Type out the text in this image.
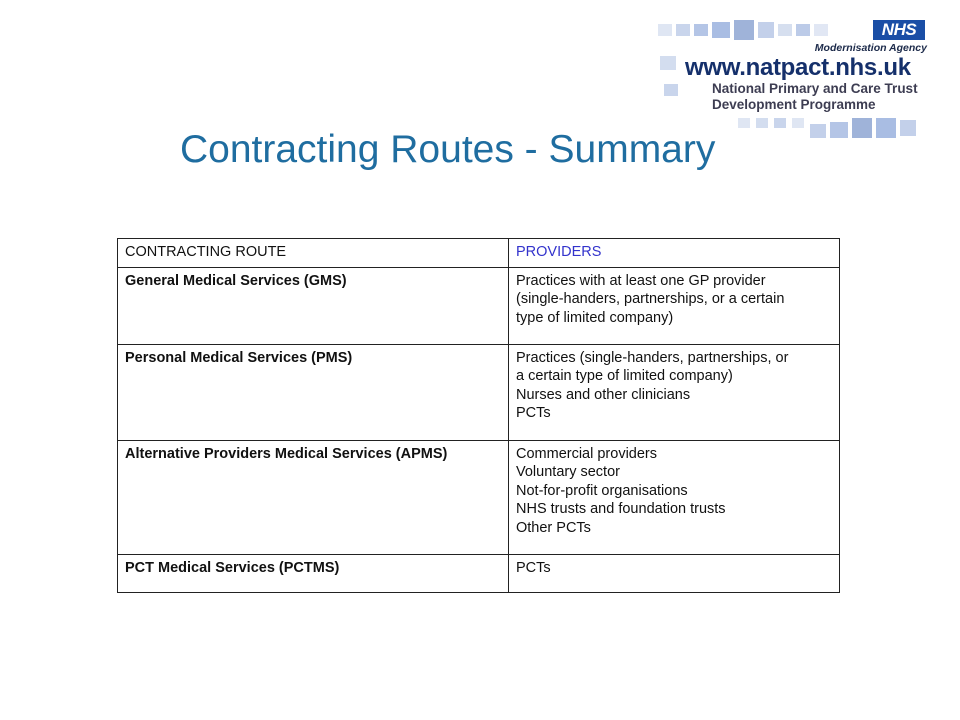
NHS
Modernisation Agency
www.natpact.nhs.uk
National Primary and Care Trust
Development Programme
Contracting Routes - Summary
CONTRACTING ROUTE	PROVIDERS
General Medical Services (GMS)	Practices with at least one GP provider
(single-handers, partnerships, or a certain
type of limited company)

Personal Medical Services (PMS)	Practices (single-handers, partnerships, or
a certain type of limited company)
Nurses and other clinicians
PCTs

Alternative Providers Medical Services (APMS)	Commercial providers
Voluntary sector
Not-for-profit organisations
NHS trusts and foundation trusts
Other PCTs

PCT Medical Services (PCTMS)	PCTs
